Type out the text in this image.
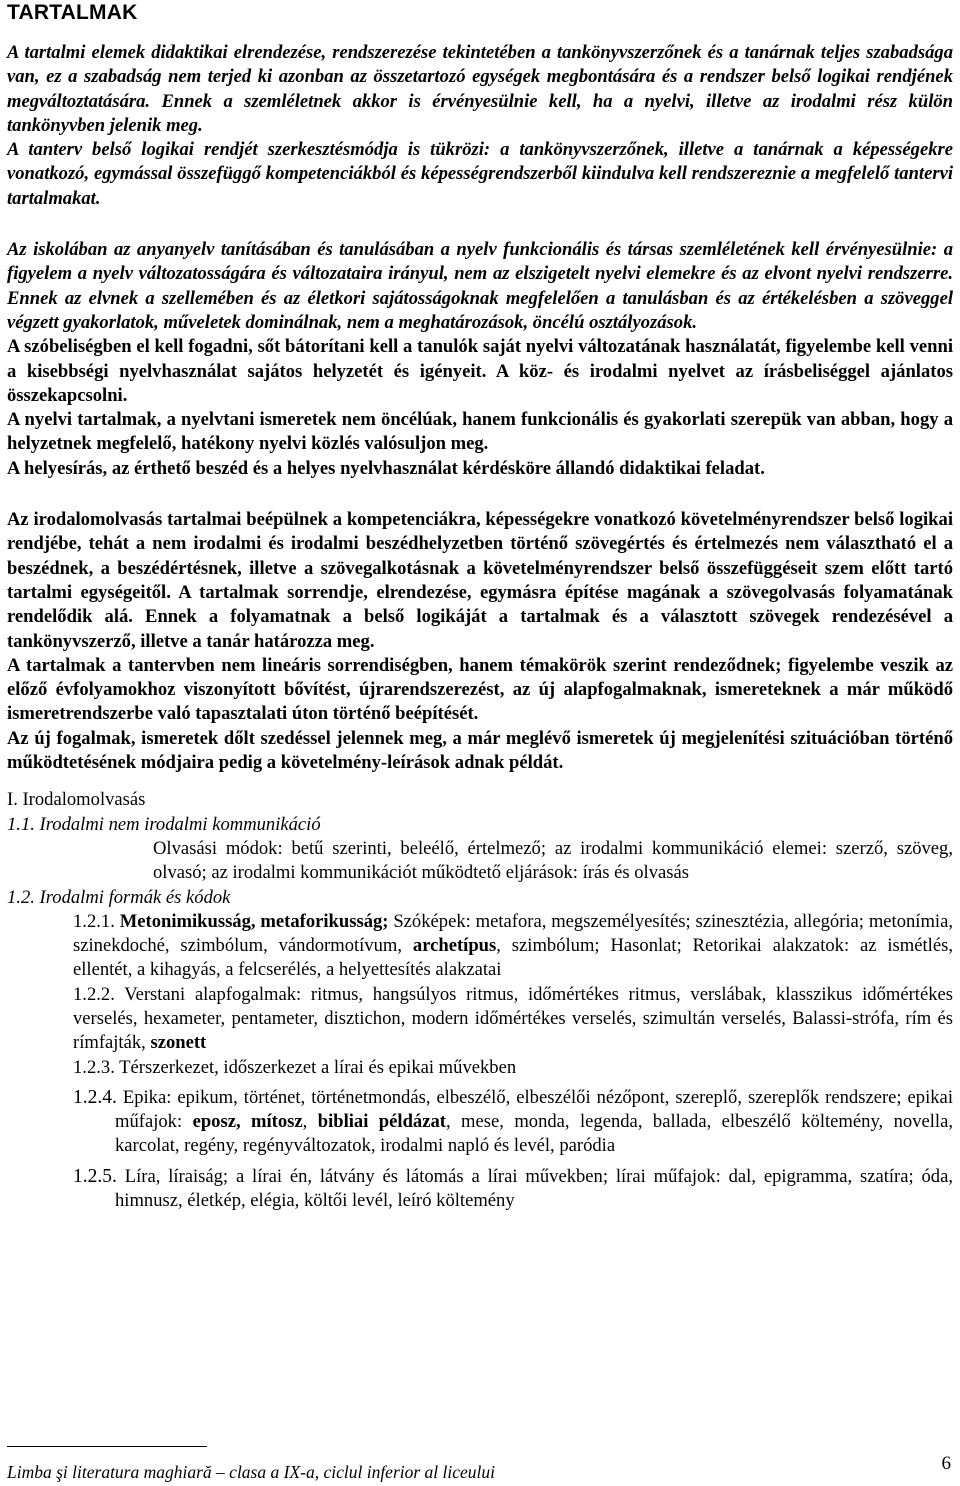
TARTALMAK

A tartalmi elemek didaktikai elrendezése, rendszerezése tekintetében a tankönyvszerzőnek és a tanárnak teljes szabadsága van, ez a szabadság nem terjed ki azonban az összetartozó egységek megbontására és a rendszer belső logikai rendjének megváltoztatására. Ennek a szemléletnek akkor is érvényesülnie kell, ha a nyelvi, illetve az irodalmi rész külön tankönyvben jelenik meg.

A tanterv belső logikai rendjét szerkesztésmódja is tükrözi: a tankönyvszerzőnek, illetve a tanárnak a képességekre vonatkozó, egymással összefüggő kompetenciákból és képességrendszerből kiindulva kell rendszereznie a megfelelő tantervi tartalmakat.

Az iskolában az anyanyelv tanításában és tanulásában a nyelv funkcionális és társas szemléletének kell érvényesülnie: a figyelem a nyelv változatosságára és változataira irányul, nem az elszigetelt nyelvi elemekre és az elvont nyelvi rendszerre. Ennek az elvnek a szellemében és az életkori sajátosságoknak megfelelően a tanulásban és az értékelésben a szöveggel végzett gyakorlatok, műveletek dominálnak, nem a meghatározások, öncélú osztályozások.

A szóbeliségben el kell fogadni, sőt bátorítani kell a tanulók saját nyelvi változatának használatát, figyelembe kell venni a kisebbségi nyelvhasználat sajátos helyzetét és igényeit. A köz- és irodalmi nyelvet az írásbeliséggel ajánlatos összekapcsolni.

A nyelvi tartalmak, a nyelvtani ismeretek nem öncélúak, hanem funkcionális és gyakorlati szerepük van abban, hogy a helyzetnek megfelelő, hatékony nyelvi közlés valósuljon meg.

A helyesírás, az érthető beszéd és a helyes nyelvhasználat kérdésköre állandó didaktikai feladat.

Az irodalomolvasás tartalmai beépülnek a kompetenciákra, képességekre vonatkozó követelményrendszer belső logikai rendjébe, tehát a nem irodalmi és irodalmi beszédhelyzetben történő szövegértés és értelmezés nem választható el a beszédnek, a beszédértésnek, illetve a szövegalkotásnak a követelményrendszer belső összefüggéseit szem előtt tartó tartalmi egységeitől. A tartalmak sorrendje, elrendezése, egymásra építése magának a szövegolvasás folyamatának rendelődik alá. Ennek a folyamatnak a belső logikáját a tartalmak és a választott szövegek rendezésével a tankönyvszerző, illetve a tanár határozza meg.

A tartalmak a tantervben nem lineáris sorrendiségben, hanem témakörök szerint rendeződnek; figyelembe veszik az előző évfolyamokhoz viszonyított bővítést, újrarendszerezést, az új alapfogalmaknak, ismereteknek a már működő ismeretrendszerbe való tapasztalati úton történő beépítését.

Az új fogalmak, ismeretek dőlt szedéssel jelennek meg, a már meglévő ismeretek új megjelenítési szituációban történő működtetésének módjaira pedig a követelmény-leírások adnak példát.

I. Irodalomolvasás
1.1. Irodalmi nem irodalmi kommunikáció

Olvasási módok: betű szerinti, beleélő, értelmező; az irodalmi kommunikáció elemei: szerző, szöveg, olvasó; az irodalmi kommunikációt működtető eljárások: írás és olvasás

1.2. Irodalmi formák és kódok

1.2.1. Metonimikusság, metaforikusság; Szóképek: metafora, megszemélyesítés; szinesztézia, allegória; metonímia, szinekdoché, szimbólum, vándormotívum, archetípus, szimbólum; Hasonlat; Retorikai alakzatok: az ismétlés, ellentét, a kihagyás, a felcserélés, a helyettesítés alakzatai

1.2.2. Verstani alapfogalmak: ritmus, hangsúlyos ritmus, időmértékes ritmus, verslábak, klasszikus időmértékes verselés, hexameter, pentameter, disztichon, modern időmértékes verselés, szimultán verselés, Balassi-strófa, rím és rímfajták, szonett

1.2.3. Térszerkezet, időszerkezet a lírai és epikai művekben

1.2.4. Epika: epikum, történet, történetmondás, elbeszélő, elbeszélői nézőpont, szereplő, szereplők rendszere; epikai műfajok: eposz, mítosz, bibliai példázat, mese, monda, legenda, ballada, elbeszélő költemény, novella, karcolat, regény, regényváltozatok, irodalmi napló és levél, paródia

1.2.5. Líra, líraiság; a lírai én, látvány és látomás a lírai művekben; lírai műfajok: dal, epigramma, szatíra; óda, himnusz, életkép, elégia, költői levél, leíró költemény

Limba şi literatura maghiară – clasa a IX-a, ciclul inferior al liceului	6
